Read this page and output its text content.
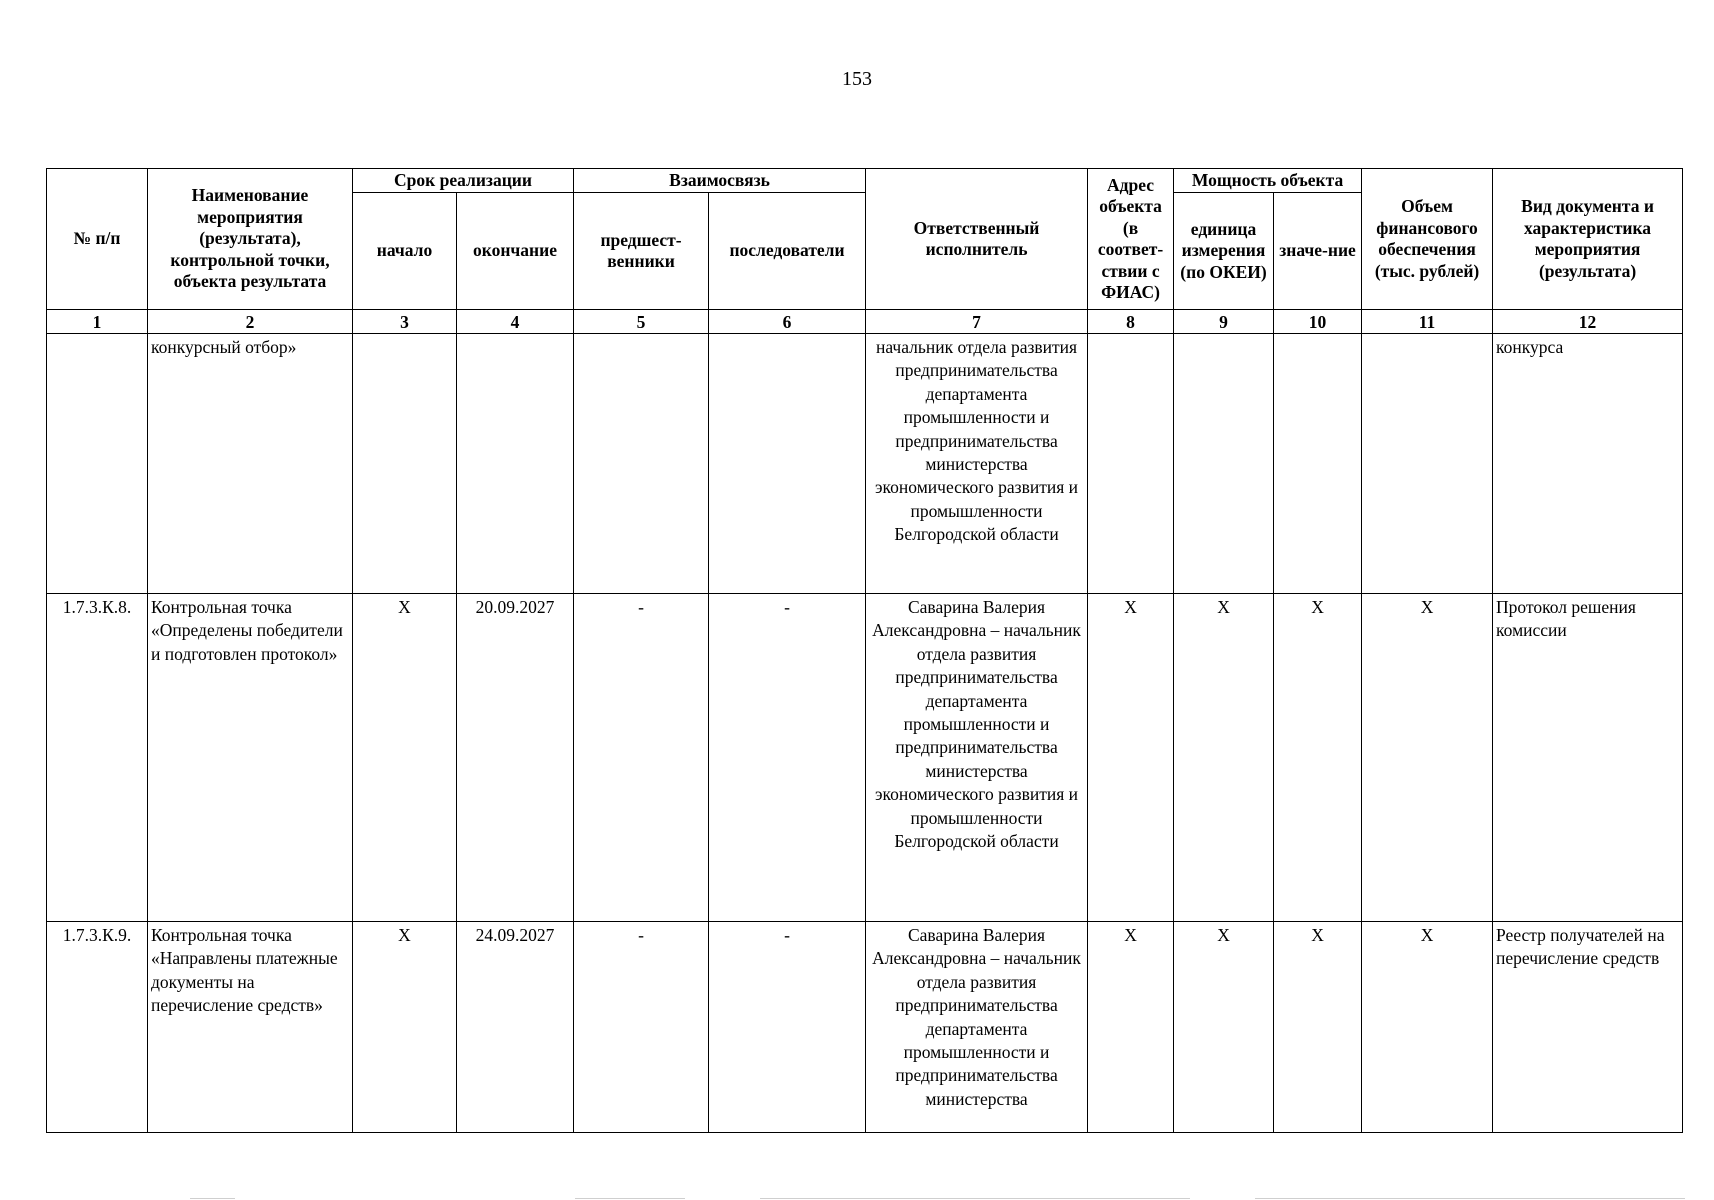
153
№ п/п	Наименование мероприятия (результата), контрольной точки, объекта результата	Срок реализации		Взаимосвязь		Ответственный исполнитель	Адрес объекта (в соответ-ствии с ФИАС)	Мощность объекта		Объем финансового обеспечения (тыс. рублей)	Вид документа и характеристика мероприятия (результата)
		начало	окончание	предшест-венники	последователи			единица измерения (по ОКЕИ)	значе-ние		
1	2	3	4	5	6	7	8	9	10	11	12
	конкурсный отбор»					начальник отдела развития предпринимательства департамента промышленности и предпринимательства министерства экономического развития и промышленности Белгородской области					конкурса
1.7.3.К.8.	Контрольная точка «Определены победители и подготовлен протокол»	Х	20.09.2027	-	-	Саварина Валерия Александровна – начальник отдела развития предпринимательства департамента промышленности и предпринимательства министерства экономического развития и промышленности Белгородской области	Х	Х	Х	Х	Протокол решения комиссии
1.7.3.К.9.	Контрольная точка «Направлены платежные документы на перечисление средств»	Х	24.09.2027	-	-	Саварина Валерия Александровна – начальник отдела развития предпринимательства департамента промышленности и предпринимательства министерства	Х	Х	Х	Х	Реестр получателей на перечисление средств
